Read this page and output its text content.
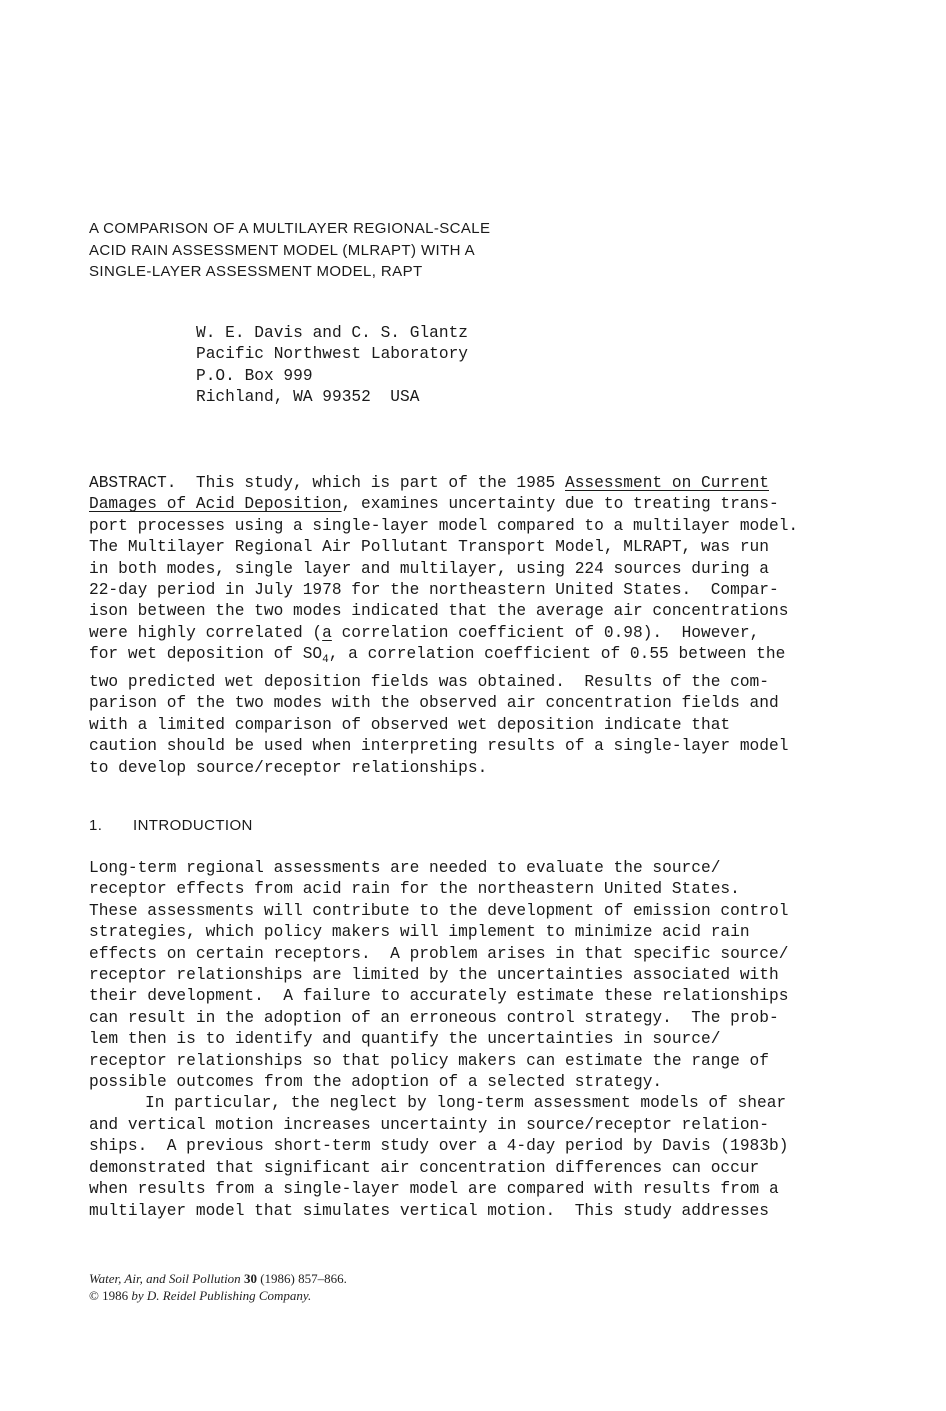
A COMPARISON OF A MULTILAYER REGIONAL-SCALE
ACID RAIN ASSESSMENT MODEL (MLRAPT) WITH A
SINGLE-LAYER ASSESSMENT MODEL, RAPT
W. E. Davis and C. S. Glantz
Pacific Northwest Laboratory
P.O. Box 999
Richland, WA 99352  USA
ABSTRACT.  This study, which is part of the 1985 Assessment on Current
Damages of Acid Deposition, examines uncertainty due to treating trans-
port processes using a single-layer model compared to a multilayer model.
The Multilayer Regional Air Pollutant Transport Model, MLRAPT, was run
in both modes, single layer and multilayer, using 224 sources during a
22-day period in July 1978 for the northeastern United States.  Compar-
ison between the two modes indicated that the average air concentrations
were highly correlated (a correlation coefficient of 0.98).  However,
for wet deposition of $SO_4$, a correlation coefficient of 0.55 between the
two predicted wet deposition fields was obtained.  Results of the com-
parison of the two modes with the observed air concentration fields and
with a limited comparison of observed wet deposition indicate that
caution should be used when interpreting results of a single-layer model
to develop source/receptor relationships.
1. INTRODUCTION
Long-term regional assessments are needed to evaluate the source/
receptor effects from acid rain for the northeastern United States.
These assessments will contribute to the development of emission control
strategies, which policy makers will implement to minimize acid rain
effects on certain receptors.  A problem arises in that specific source/
receptor relationships are limited by the uncertainties associated with
their development.  A failure to accurately estimate these relationships
can result in the adoption of an erroneous control strategy.  The prob-
lem then is to identify and quantify the uncertainties in source/
receptor relationships so that policy makers can estimate the range of
possible outcomes from the adoption of a selected strategy.
In particular, the neglect by long-term assessment models of shear
and vertical motion increases uncertainty in source/receptor relation-
ships.  A previous short-term study over a 4-day period by Davis (1983b)
demonstrated that significant air concentration differences can occur
when results from a single-layer model are compared with results from a
multilayer model that simulates vertical motion.  This study addresses
Water, Air, and Soil Pollution 30 (1986) 857–866.
© 1986 by D. Reidel Publishing Company.
